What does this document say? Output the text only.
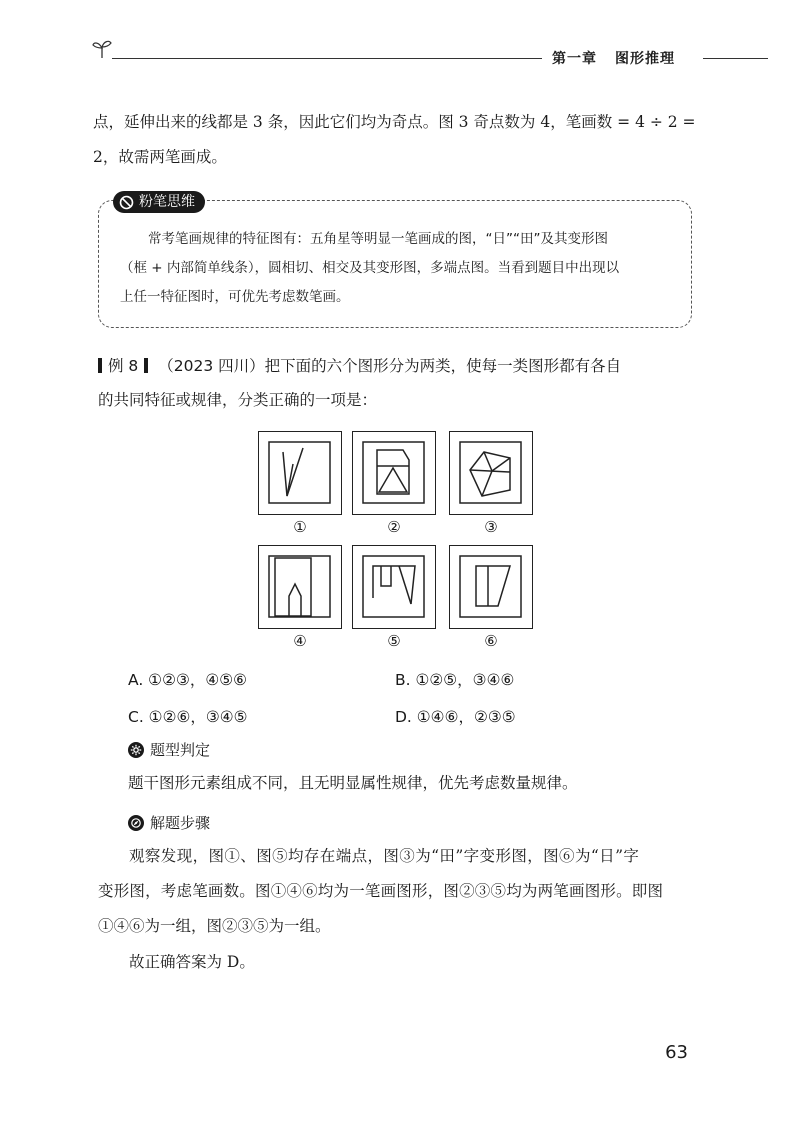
第一章 图形推理
点，延伸出来的线都是 3 条，因此它们均为奇点。图 3 奇点数为 4，笔画数 = 4 ÷ 2 =
2，故需两笔画成。
粉笔思维
常考笔画规律的特征图有：五角星等明显一笔画成的图，“日”“田”及其变形图
（框 + 内部简单线条），圆相切、相交及其变形图，多端点图。当看到题目中出现以
上任一特征图时，可优先考虑数笔画。
例 8 （2023 四川）把下面的六个图形分为两类，使每一类图形都有各自
的共同特征或规律，分类正确的一项是：
①	②	③
④	⑤	⑥
A. ①②③，④⑤⑥	B. ①②⑤，③④⑥
C. ①②⑥，③④⑤	D. ①④⑥，②③⑤
题型判定
题干图形元素组成不同，且无明显属性规律，优先考虑数量规律。
解题步骤
观察发现，图①、图⑤均存在端点，图③为“田”字变形图，图⑥为“日”字
变形图，考虑笔画数。图①④⑥均为一笔画图形，图②③⑤均为两笔画图形。即图
①④⑥为一组，图②③⑤为一组。
故正确答案为 D。
63
